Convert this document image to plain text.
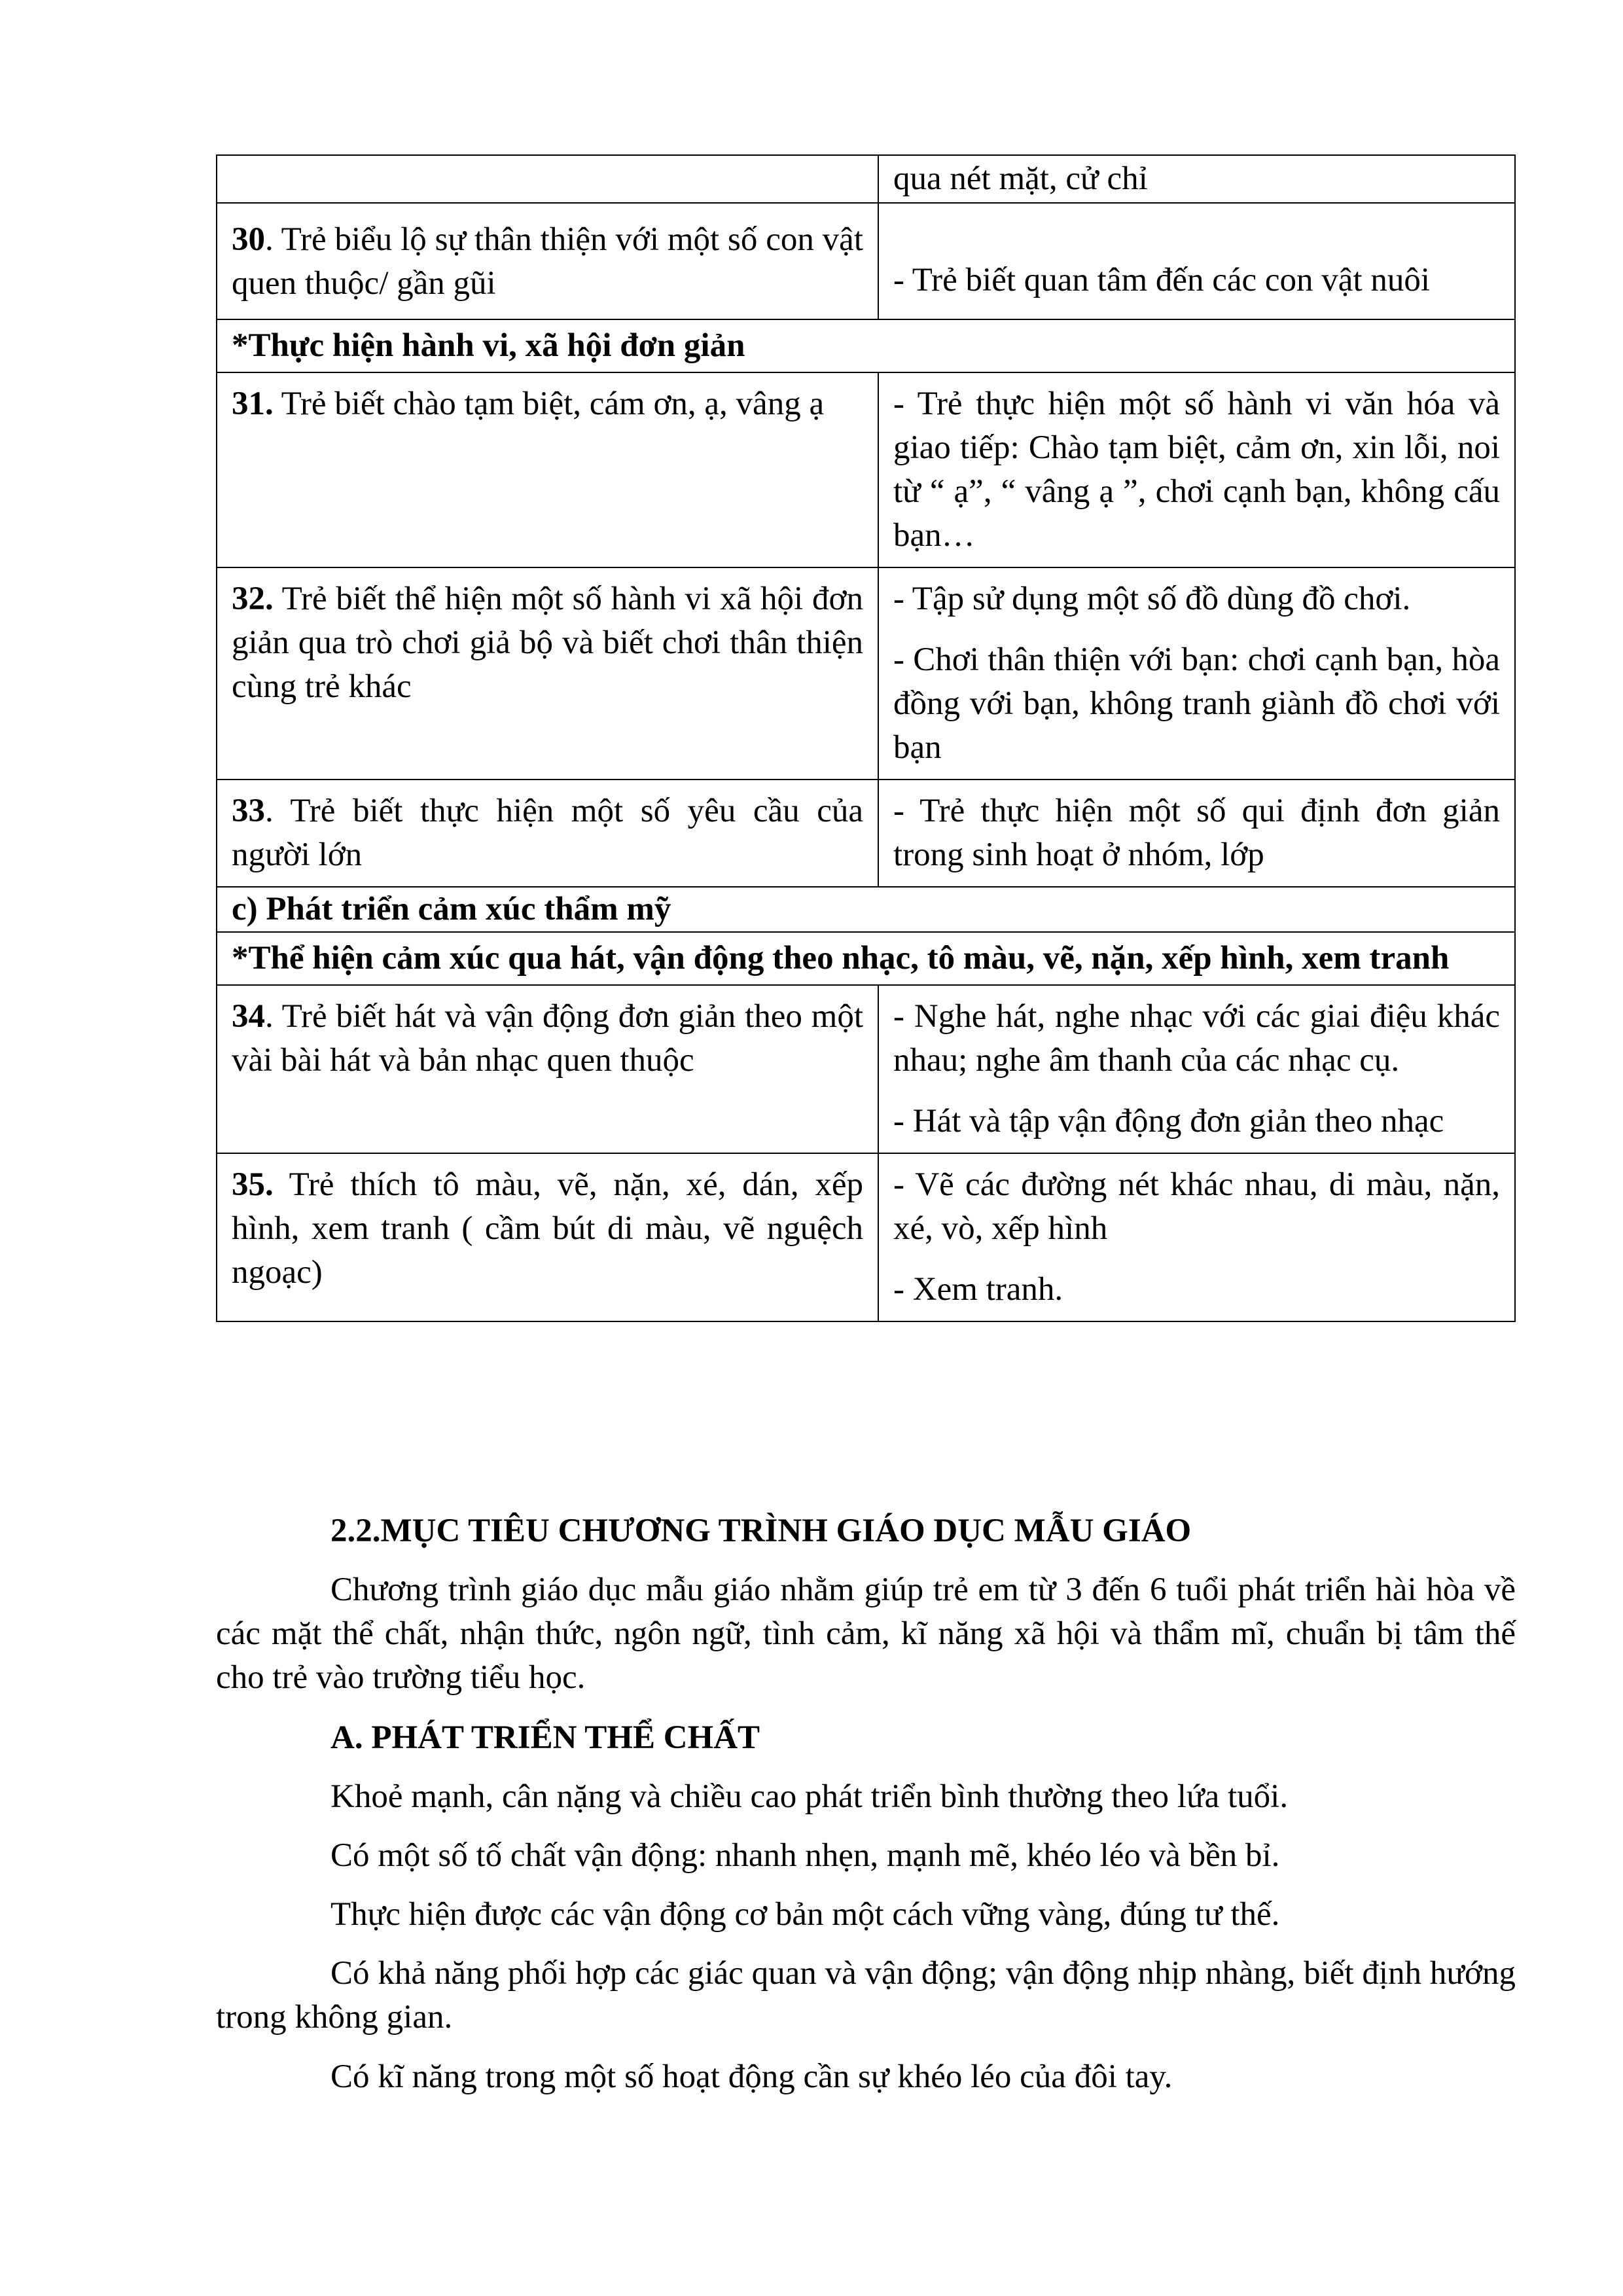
	qua nét mặt, cử chỉ

30. Trẻ biểu lộ sự thân thiện với một số con vật quen thuộc/ gần gũi	- Trẻ biết quan tâm đến các con vật nuôi

*Thực hiện hành vi, xã hội đơn giản	

31. Trẻ biết chào tạm biệt, cám ơn, ạ, vâng ạ	- Trẻ thực hiện một số hành vi văn hóa và giao tiếp: Chào tạm biệt, cảm ơn, xin lỗi, noi từ “ ạ”, “ vâng ạ ”, chơi cạnh bạn, không cấu bạn…

32. Trẻ biết thể hiện một số hành vi xã hội đơn giản qua trò chơi giả bộ và biết chơi thân thiện cùng trẻ khác	- Tập sử dụng một số đồ dùng đồ chơi.

- Chơi thân thiện với bạn: chơi cạnh bạn, hòa đồng với bạn, không tranh giành đồ chơi với bạn

33. Trẻ biết thực hiện một số yêu cầu của người lớn	- Trẻ thực hiện một số qui định đơn giản trong sinh hoạt ở nhóm, lớp

c) Phát triển cảm xúc thẩm mỹ	
*Thể hiện cảm xúc qua hát, vận động theo nhạc, tô màu, vẽ, nặn, xếp hình, xem tranh	

34. Trẻ biết hát và vận động đơn giản theo một vài bài hát và bản nhạc quen thuộc	- Nghe hát, nghe nhạc với các giai điệu khác nhau; nghe âm thanh của các nhạc cụ.

- Hát và tập vận động đơn giản theo nhạc

35. Trẻ thích tô màu, vẽ, nặn, xé, dán, xếp hình, xem tranh ( cầm bút di màu, vẽ nguệch ngoạc)	- Vẽ các đường nét khác nhau, di màu, nặn, xé, vò, xếp hình

- Xem tranh.

2.2.MỤC TIÊU CHƯƠNG TRÌNH GIÁO DỤC MẪU GIÁO
Chương trình giáo dục mẫu giáo nhằm giúp trẻ em từ 3 đến 6 tuổi phát triển hài hòa về các mặt thể chất, nhận thức, ngôn ngữ, tình cảm, kĩ năng xã hội và thẩm mĩ, chuẩn bị tâm thế cho trẻ vào trường tiểu học.
A. PHÁT TRIỂN THỂ CHẤT
Khoẻ mạnh, cân nặng và chiều cao phát triển bình thường theo lứa tuổi.
Có một số tố chất vận động: nhanh nhẹn, mạnh mẽ, khéo léo và bền bỉ.
Thực hiện được các vận động cơ bản một cách vững vàng, đúng tư thế.
Có khả năng phối hợp các giác quan và vận động; vận động nhịp nhàng, biết định hướng trong không gian.
Có kĩ năng trong một số hoạt động cần sự khéo léo của đôi tay.
